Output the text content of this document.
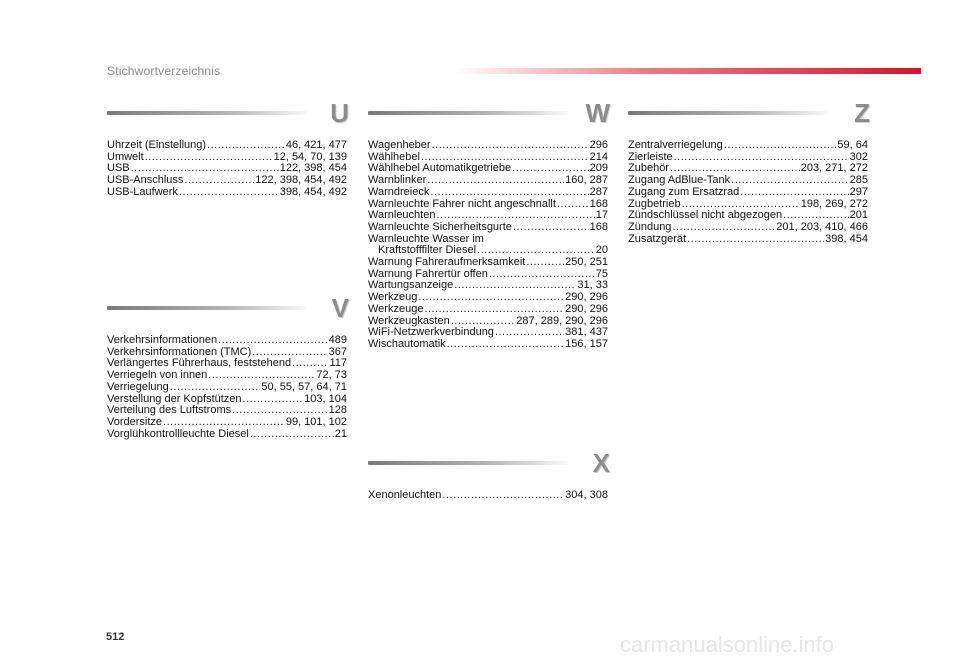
Stichwortverzeichnis
U
Uhrzeit (Einstellung) .....	46, 421, 477
Umwelt .....	12, 54, 70, 139
USB .....	122, 398, 454
USB-Anschluss .....	122, 398, 454, 492
USB-Laufwerk .....	398, 454, 492
V
Verkehrsinformationen .....	489
Verkehrsinformationen (TMC) .....	367
Verlängertes Führerhaus, feststehend .....	117
Verriegeln von innen .....	72, 73
Verriegelung .....	50, 55, 57, 64, 71
Verstellung der Kopfstützen .....	103, 104
Verteilung des Luftstroms .....	128
Vordersitze .....	99, 101, 102
Vorglühkontrollleuchte Diesel .....	21
W
Wagenheber .....	296
Wählhebel .....	214
Wählhebel Automatikgetriebe .....	209
Warnblinker .....	160, 287
Warndreieck .....	287
Warnleuchte Fahrer nicht angeschnallt .....	168
Warnleuchten .....	17
Warnleuchte Sicherheitsgurte .....	168
Warnleuchte Wasser im
Kraftstofffilter Diesel .....	20
Warnung Fahreraufmerksamkeit .....	250, 251
Warnung Fahrertür offen .....	75
Wartungsanzeige .....	31, 33
Werkzeug .....	290, 296
Werkzeuge .....	290, 296
Werkzeugkasten .....	287, 289, 290, 296
WiFi-Netzwerkverbindung .....	381, 437
Wischautomatik .....	156, 157
X
Xenonleuchten .....	304, 308
Z
Zentralverriegelung .....	59, 64
Zierleiste .....	302
Zubehör .....	203, 271, 272
Zugang AdBlue-Tank .....	285
Zugang zum Ersatzrad .....	297
Zugbetrieb .....	198, 269, 272
Zündschlüssel nicht abgezogen .....	201
Zündung .....	201, 203, 410, 466
Zusatzgerät .....	398, 454
512	carmanualsonline.info
